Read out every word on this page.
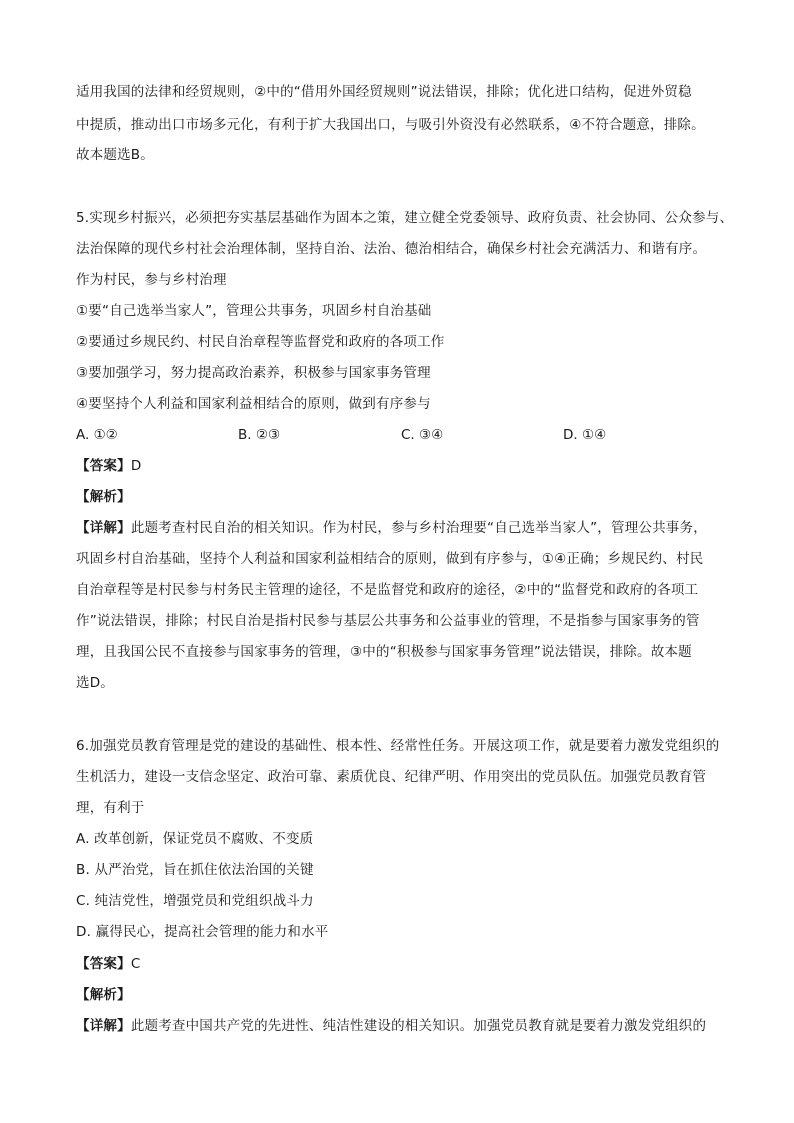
适用我国的法律和经贸规则，②中的“借用外国经贸规则”说法错误，排除；优化进口结构，促进外贸稳
中提质，推动出口市场多元化，有利于扩大我国出口，与吸引外资没有必然联系，④不符合题意，排除。
故本题选B。
5.实现乡村振兴，必须把夯实基层基础作为固本之策，建立健全党委领导、政府负责、社会协同、公众参与、
法治保障的现代乡村社会治理体制，坚持自治、法治、德治相结合，确保乡村社会充满活力、和谐有序。
作为村民，参与乡村治理
①要“自己选举当家人”，管理公共事务，巩固乡村自治基础
②要通过乡规民约、村民自治章程等监督党和政府的各项工作
③要加强学习，努力提高政治素养，积极参与国家事务管理
④要坚持个人利益和国家利益相结合的原则，做到有序参与
A. ①②	B. ②③	C. ③④	D. ①④
【答案】D
【解析】
【详解】此题考查村民自治的相关知识。作为村民，参与乡村治理要“自己选举当家人”，管理公共事务，
巩固乡村自治基础，坚持个人利益和国家利益相结合的原则，做到有序参与，①④正确；乡规民约、村民
自治章程等是村民参与村务民主管理的途径，不是监督党和政府的途径，②中的“监督党和政府的各项工
作”说法错误，排除；村民自治是指村民参与基层公共事务和公益事业的管理，不是指参与国家事务的管
理，且我国公民不直接参与国家事务的管理，③中的“积极参与国家事务管理”说法错误，排除。故本题
选D。
6.加强党员教育管理是党的建设的基础性、根本性、经常性任务。开展这项工作，就是要着力激发党组织的
生机活力，建设一支信念坚定、政治可靠、素质优良、纪律严明、作用突出的党员队伍。加强党员教育管
理，有利于
A. 改革创新，保证党员不腐败、不变质
B. 从严治党，旨在抓住依法治国的关键
C. 纯洁党性，增强党员和党组织战斗力
D. 赢得民心，提高社会管理的能力和水平
【答案】C
【解析】
【详解】此题考查中国共产党的先进性、纯洁性建设的相关知识。加强党员教育就是要着力激发党组织的
